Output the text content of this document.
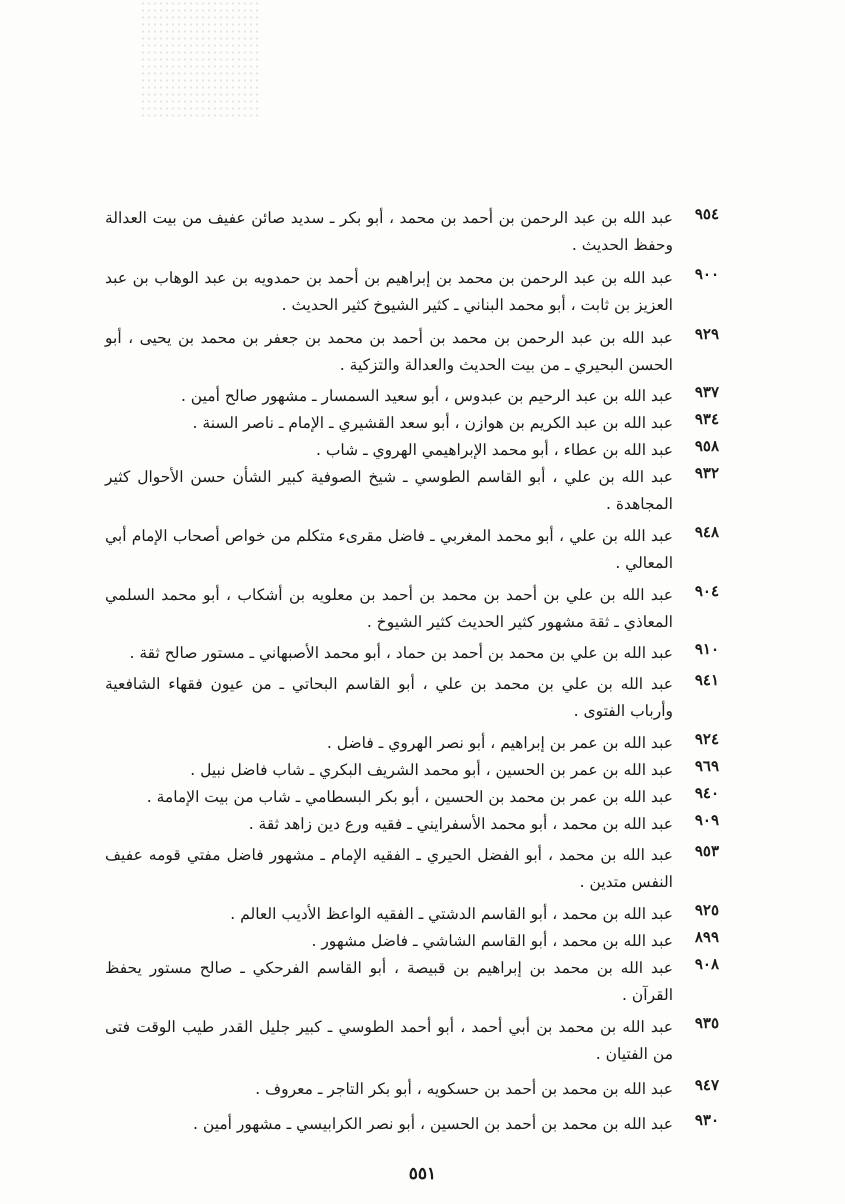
٩٥٤
عبد الله بن عبد الرحمن بن أحمد بن محمد ، أبو بكر ـ سديد صائن عفيف من بيت العدالة وحفظ الحديث .
٩٠٠
عبد الله بن عبد الرحمن بن محمد بن إبراهيم بن أحمد بن حمدويه بن عبد الوهاب بن عبد العزيز بن ثابت ، أبو محمد البناني ـ كثير الشيوخ كثير الحديث .
٩٢٩
عبد الله بن عبد الرحمن بن محمد بن أحمد بن محمد بن جعفر بن محمد بن يحيى ، أبو الحسن البحيري ـ من بيت الحديث والعدالة والتزكية .
٩٣٧
عبد الله بن عبد الرحيم بن عبدوس ، أبو سعيد السمسار ـ مشهور صالح أمين .
٩٣٤
عبد الله بن عبد الكريم بن هوازن ، أبو سعد القشيري ـ الإمام ـ ناصر السنة .
٩٥٨
عبد الله بن عطاء ، أبو محمد الإبراهيمي الهروي ـ شاب .
٩٣٢
عبد الله بن علي ، أبو القاسم الطوسي ـ شيخ الصوفية كبير الشأن حسن الأحوال كثير المجاهدة .
٩٤٨
عبد الله بن علي ، أبو محمد المغربي ـ فاضل مقرىء متكلم من خواص أصحاب الإمام أبي المعالي .
٩٠٤
عبد الله بن علي بن أحمد بن محمد بن أحمد بن معلويه بن أشكاب ، أبو محمد السلمي المعاذي ـ ثقة مشهور كثير الحديث كثير الشيوخ .
٩١٠
عبد الله بن علي بن محمد بن أحمد بن حماد ، أبو محمد الأصبهاني ـ مستور صالح ثقة .
٩٤١
عبد الله بن علي بن محمد بن علي ، أبو القاسم البحاتي ـ من عيون فقهاء الشافعية وأرباب الفتوى .
٩٢٤
عبد الله بن عمر بن إبراهيم ، أبو نصر الهروي ـ فاضل .
٩٦٩
عبد الله بن عمر بن الحسين ، أبو محمد الشريف البكري ـ شاب فاضل نبيل .
٩٤٠
عبد الله بن عمر بن محمد بن الحسين ، أبو بكر البسطامي ـ شاب من بيت الإمامة .
٩٠٩
عبد الله بن محمد ، أبو محمد الأسفرايني ـ فقيه ورع دين زاهد ثقة .
٩٥٣
عبد الله بن محمد ، أبو الفضل الحيري ـ الفقيه الإمام ـ مشهور فاضل مفتي قومه عفيف النفس متدين .
٩٢٥
عبد الله بن محمد ، أبو القاسم الدشتي ـ الفقيه الواعظ الأديب العالم .
٨٩٩
عبد الله بن محمد ، أبو القاسم الشاشي ـ فاضل مشهور .
٩٠٨
عبد الله بن محمد بن إبراهيم بن قبيصة ، أبو القاسم الفرحكي ـ صالح مستور يحفظ القرآن .
٩٣٥
عبد الله بن محمد بن أبي أحمد ، أبو أحمد الطوسي ـ كبير جليل القدر طيب الوقت فتى من الفتيان .
٩٤٧
عبد الله بن محمد بن أحمد بن حسكويه ، أبو بكر التاجر ـ معروف .
٩٣٠
عبد الله بن محمد بن أحمد بن الحسين ، أبو نصر الكرابيسي ـ مشهور أمين .
٥٥١
